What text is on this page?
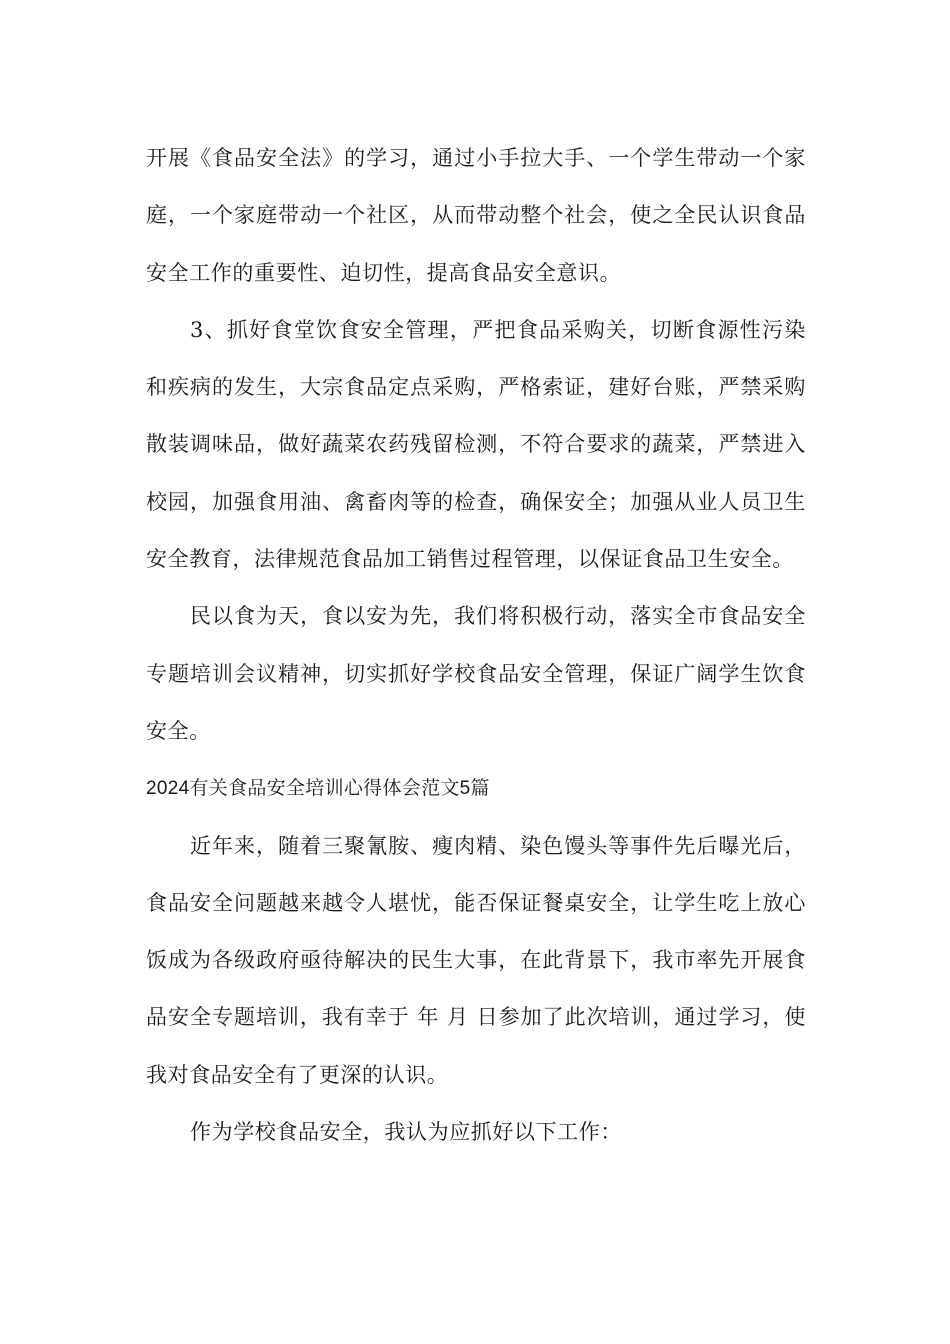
开展《食品安全法》的学习，通过小手拉大手、一个学生带动一个家庭，一个家庭带动一个社区，从而带动整个社会，使之全民认识食品安全工作的重要性、迫切性，提高食品安全意识。

3、抓好食堂饮食安全管理，严把食品采购关，切断食源性污染和疾病的发生，大宗食品定点采购，严格索证，建好台账，严禁采购散装调味品，做好蔬菜农药残留检测，不符合要求的蔬菜，严禁进入校园，加强食用油、禽畜肉等的检查，确保安全；加强从业人员卫生安全教育，法律规范食品加工销售过程管理，以保证食品卫生安全。

民以食为天，食以安为先，我们将积极行动，落实全市食品安全专题培训会议精神，切实抓好学校食品安全管理，保证广阔学生饮食安全。

2024有关食品安全培训心得体会范文5篇

近年来，随着三聚氰胺、瘦肉精、染色馒头等事件先后曝光后，食品安全问题越来越令人堪忧，能否保证餐桌安全，让学生吃上放心饭成为各级政府亟待解决的民生大事，在此背景下，我市率先开展食品安全专题培训，我有幸于 年 月 日参加了此次培训，通过学习，使我对食品安全有了更深的认识。

作为学校食品安全，我认为应抓好以下工作：
